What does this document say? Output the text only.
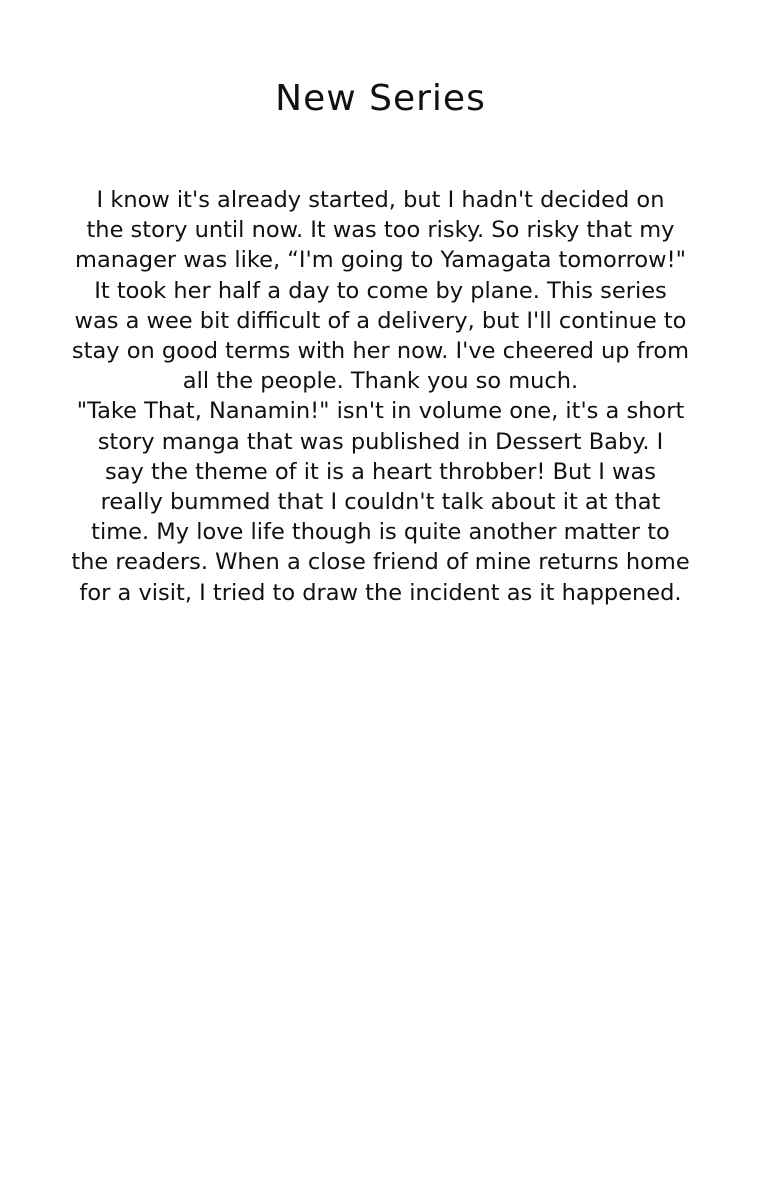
New Series
I know it's already started, but I hadn't decided on
the story until now. It was too risky. So risky that my
manager was like, “I'm going to Yamagata tomorrow!"
It took her half a day to come by plane. This series
was a wee bit difficult of a delivery, but I'll continue to
stay on good terms with her now. I've cheered up from
all the people. Thank you so much.
"Take That, Nanamin!" isn't in volume one, it's a short
story manga that was published in Dessert Baby. I
say the theme of it is a heart throbber! But I was
really bummed that I couldn't talk about it at that
time. My love life though is quite another matter to
the readers. When a close friend of mine returns home
for a visit, I tried to draw the incident as it happened.
